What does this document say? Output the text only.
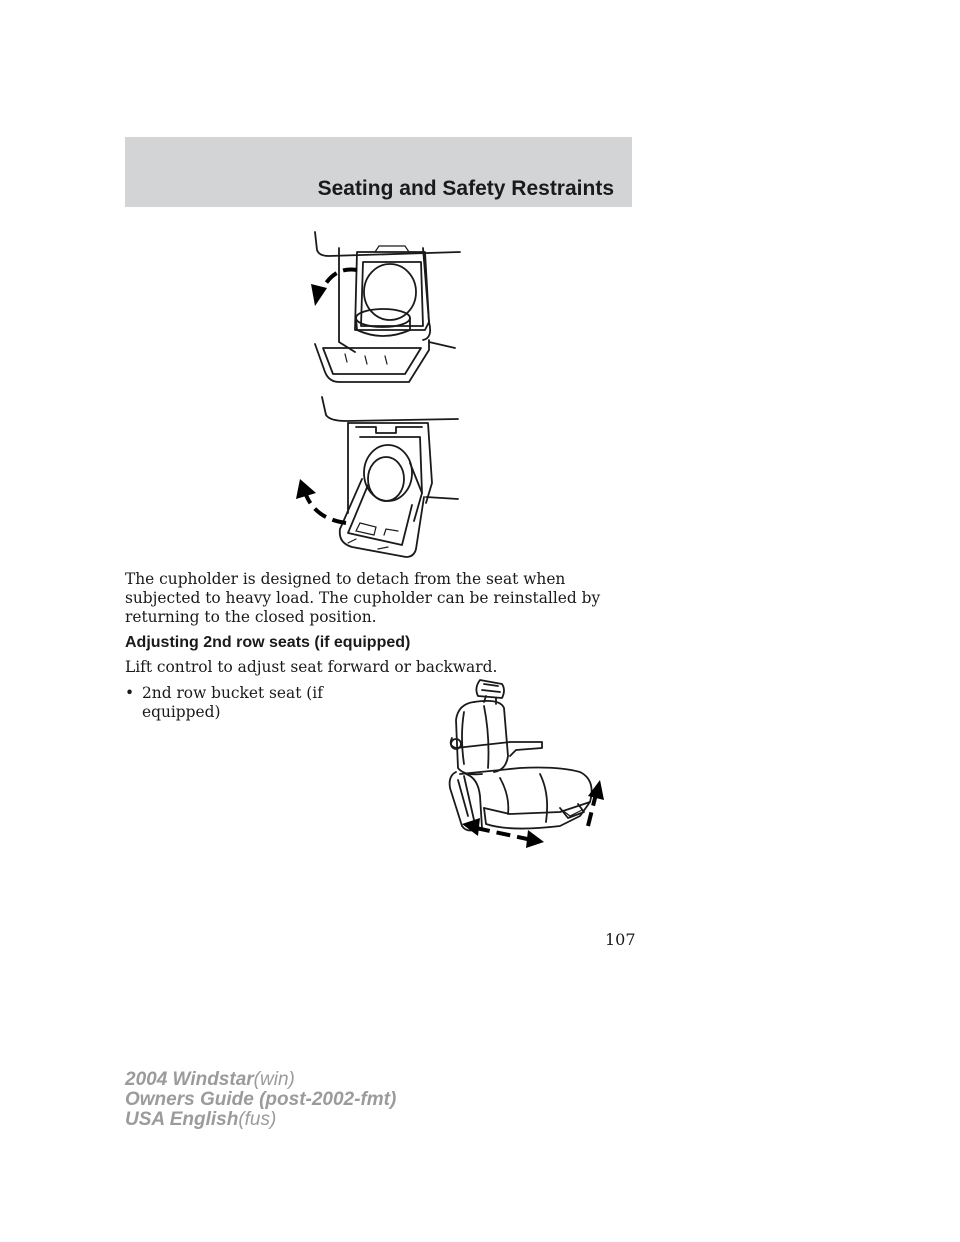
Seating and Safety Restraints
The cupholder is designed to detach from the seat when subjected to heavy load. The cupholder can be reinstalled by returning to the closed position.
Adjusting 2nd row seats (if equipped)
Lift control to adjust seat forward or backward.
• 2nd row bucket seat (if equipped)
107
2004 Windstar(win)
Owners Guide (post-2002-fmt)
USA English(fus)
